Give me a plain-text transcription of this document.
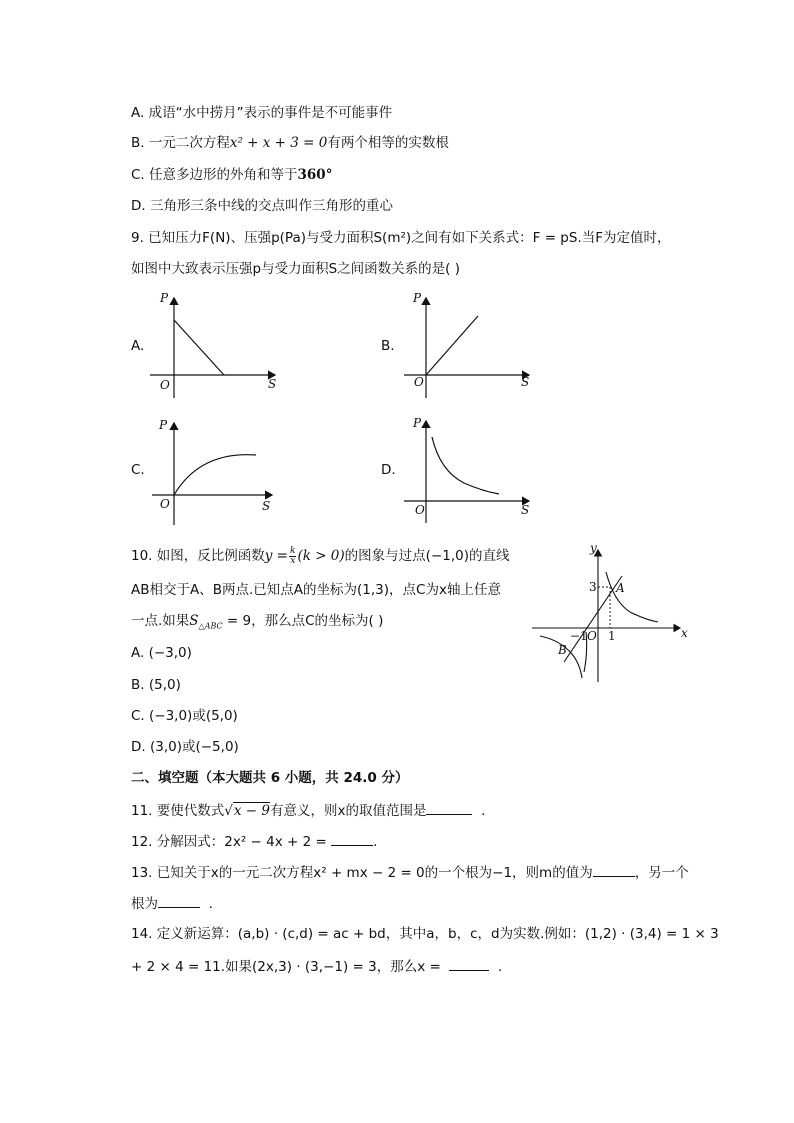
A. 成语“水中捞月”表示的事件是不可能事件
B. 一元二次方程x² + x + 3 = 0有两个相等的实数根
C. 任意多边形的外角和等于360°
D. 三角形三条中线的交点叫作三角形的重心
9. 已知压力F(N)、压强p(Pa)与受力面积S(m²)之间有如下关系式：F = pS.当F为定值时，
如图中大致表示压强p与受力面积S之间函数关系的是( )
A.	B.
C.	D.
P
S
O
P
S
O
P
S
O
P
S
O
10. 如图，反比例函数$y = \frac{k}{x} (k > 0)$的图象与过点(−1,0)的直线
AB相交于A、B两点.已知点A的坐标为(1,3)，点C为x轴上任意
一点.如果$S_{\triangle ABC} = 9$，那么点C的坐标为( )
A. (−3,0)
B. (5,0)
C. (−3,0)或(5,0)
D. (3,0)或(−5,0)
y
x
A
B
3
1
−1 O
二、填空题（本大题共 6 小题，共 24.0 分）
11. 要使代数式√x − 9有意义，则x的取值范围是	.
12. 分解因式：2x² − 4x + 2 =	.
13. 已知关于x的一元二次方程x² + mx − 2 = 0的一个根为−1，则m的值为	，另一个
根为	.
14. 定义新运算：(a,b) · (c,d) = ac + bd，其中a，b，c，d为实数.例如：(1,2) · (3,4) = 1 × 3
+ 2 × 4 = 11.如果(2x,3) · (3,−1) = 3，那么x =	.
